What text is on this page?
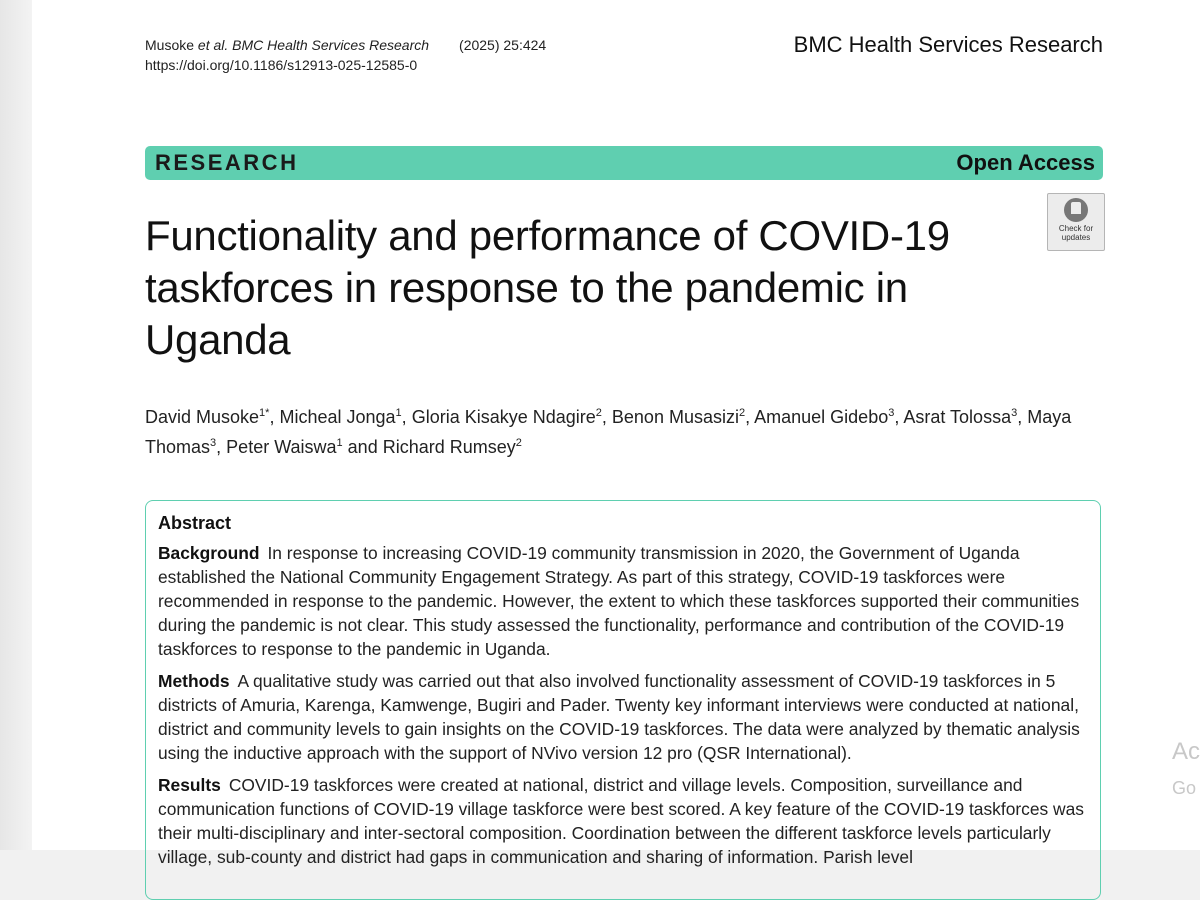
Musoke et al. BMC Health Services Research (2025) 25:424
https://doi.org/10.1186/s12913-025-12585-0
BMC Health Services Research
RESEARCH	Open Access
Functionality and performance of COVID-19 taskforces in response to the pandemic in Uganda
Check for
updates
David Musoke$^{1*}$, Micheal Jonga$^1$, Gloria Kisakye Ndagire$^2$, Benon Musasizi$^2$, Amanuel Gidebo$^3$, Asrat Tolossa$^3$, Maya Thomas$^3$, Peter Waiswa$^1$ and Richard Rumsey$^2$
Abstract

Background In response to increasing COVID-19 community transmission in 2020, the Government of Uganda established the National Community Engagement Strategy. As part of this strategy, COVID-19 taskforces were recommended in response to the pandemic. However, the extent to which these taskforces supported their communities during the pandemic is not clear. This study assessed the functionality, performance and contribution of the COVID-19 taskforces to response to the pandemic in Uganda.

Methods A qualitative study was carried out that also involved functionality assessment of COVID-19 taskforces in 5 districts of Amuria, Karenga, Kamwenge, Bugiri and Pader. Twenty key informant interviews were conducted at national, district and community levels to gain insights on the COVID-19 taskforces. The data were analyzed by thematic analysis using the inductive approach with the support of NVivo version 12 pro (QSR International).

Results COVID-19 taskforces were created at national, district and village levels. Composition, surveillance and communication functions of COVID-19 village taskforce were best scored. A key feature of the COVID-19 taskforces was their multi-disciplinary and inter-sectoral composition. Coordination between the different taskforce levels particularly village, sub-county and district had gaps in communication and sharing of information. Parish level

Ac
Go
